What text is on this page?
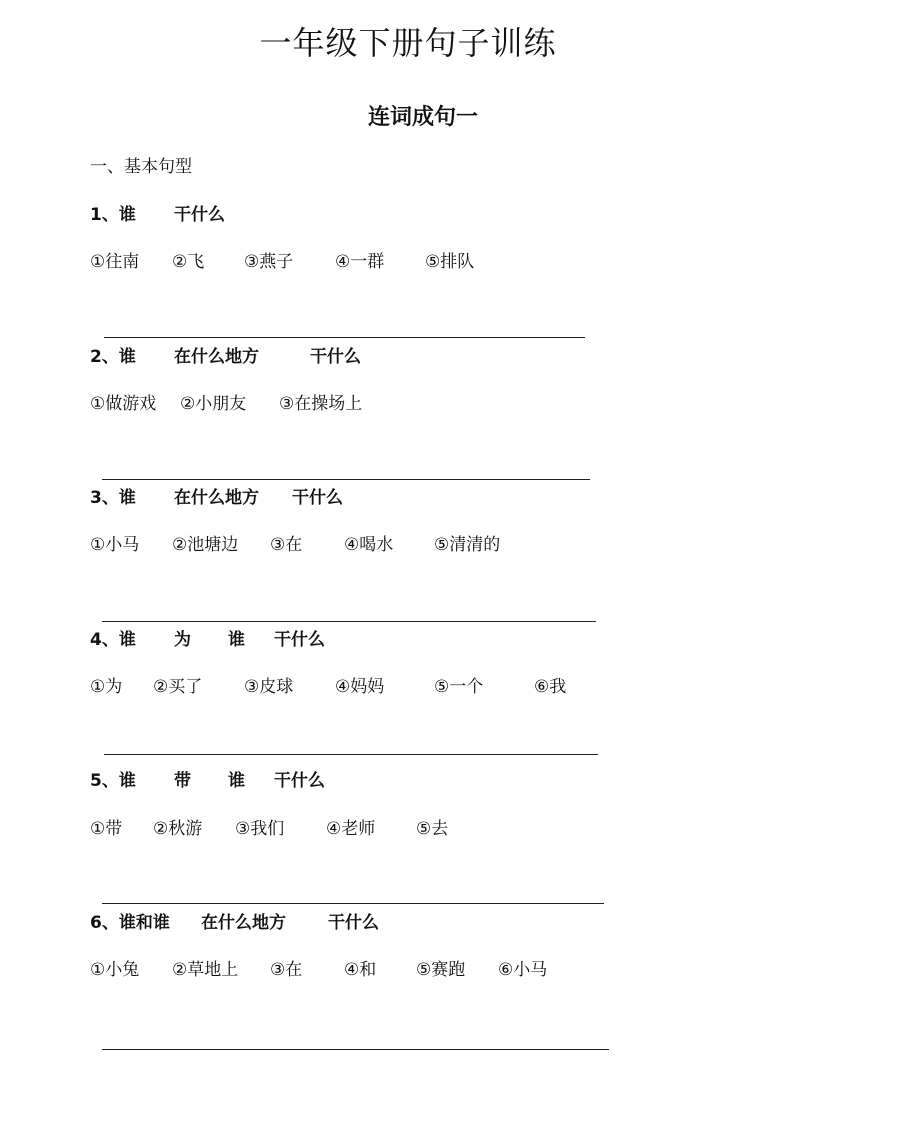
一年级下册句子训练
连词成句一
一、基本句型
1、谁 干什么
①往南 ②飞 ③燕子 ④一群 ⑤排队
2、谁 在什么地方	干什么
①做游戏 ②小朋友 ③在操场上
3、谁 在什么地方 干什么
①小马 ②池塘边 ③在 ④喝水 ⑤清清的
4、谁 为 谁 干什么
①为 ②买了 ③皮球 ④妈妈	⑤一个	⑥我
5、谁 带 谁 干什么
①带 ②秋游 ③我们 ④老师 ⑤去
6、谁和谁 在什么地方 干什么
①小兔 ②草地上 ③在 ④和 ⑤赛跑 ⑥小马
